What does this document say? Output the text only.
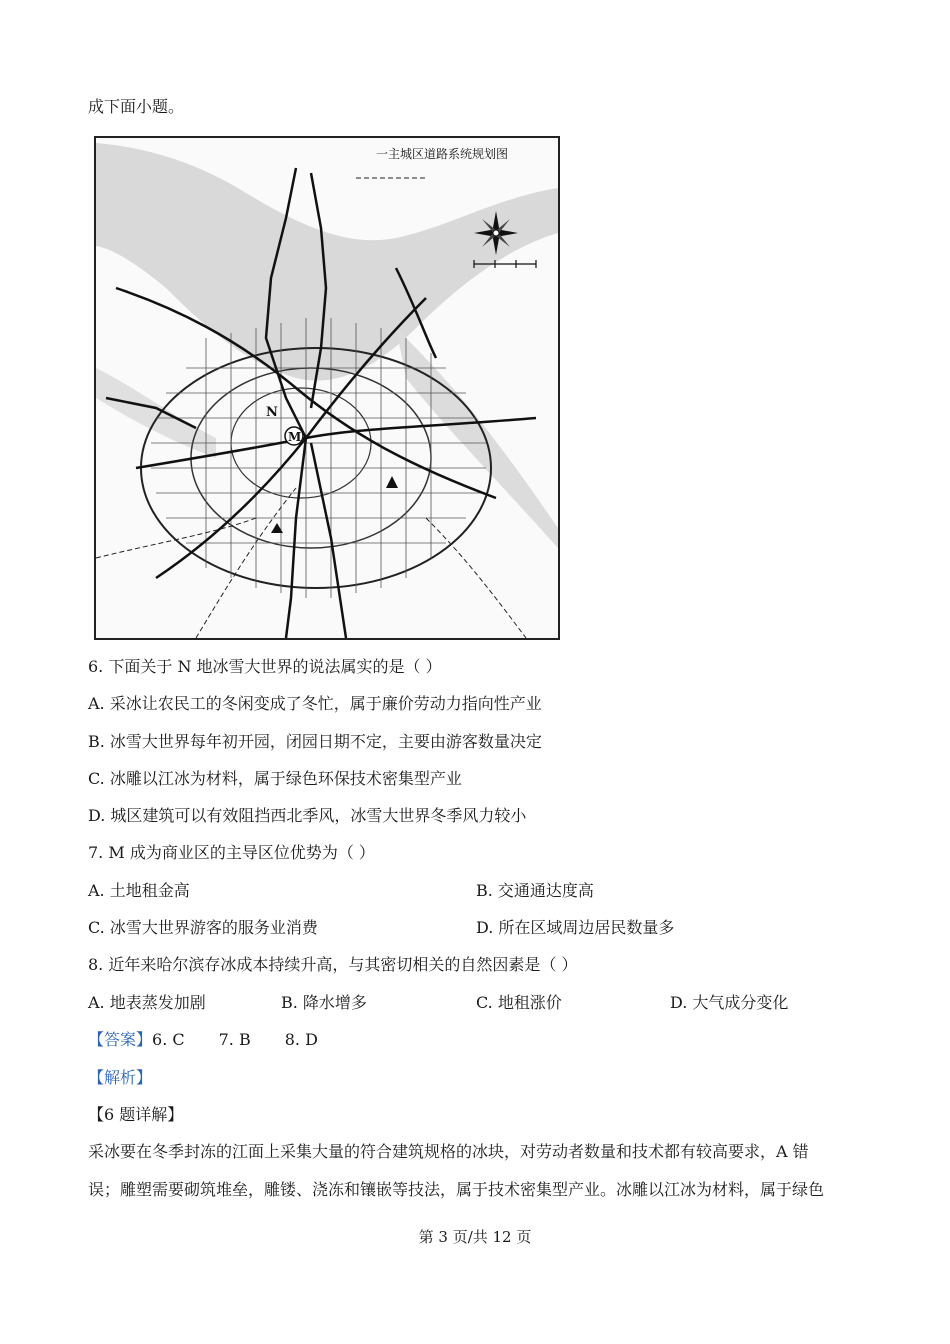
成下面小题。
一主城区道路系统规划图
N
M
6. 下面关于 N 地冰雪大世界的说法属实的是（ ）
A. 采冰让农民工的冬闲变成了冬忙，属于廉价劳动力指向性产业
B. 冰雪大世界每年初开园，闭园日期不定，主要由游客数量决定
C. 冰雕以江冰为材料，属于绿色环保技术密集型产业
D. 城区建筑可以有效阻挡西北季风，冰雪大世界冬季风力较小
7. M 成为商业区的主导区位优势为（ ）
A. 土地租金高	B. 交通通达度高
C. 冰雪大世界游客的服务业消费	D. 所在区域周边居民数量多
8. 近年来哈尔滨存冰成本持续升高，与其密切相关的自然因素是（ ）
A. 地表蒸发加剧	B. 降水增多	C. 地租涨价	D. 大气成分变化
【答案】6. C 7. B 8. D
【解析】
【6 题详解】
采冰要在冬季封冻的江面上采集大量的符合建筑规格的冰块，对劳动者数量和技术都有较高要求，A 错
误；雕塑需要砌筑堆垒，雕镂、浇冻和镶嵌等技法，属于技术密集型产业。冰雕以江冰为材料，属于绿色
第 3 页/共 12 页
